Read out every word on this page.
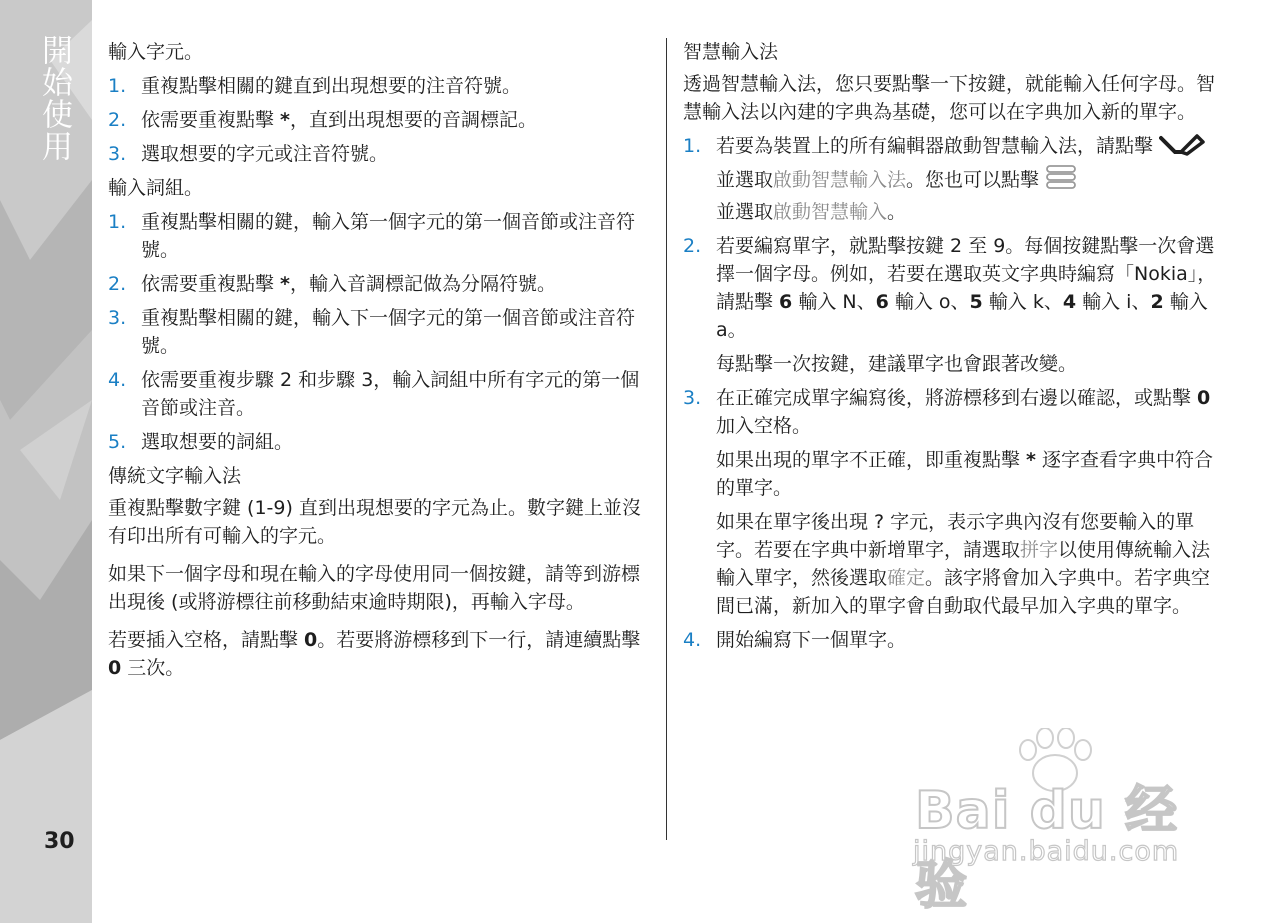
開始使用
30

輸入字元。

1. 重複點擊相關的鍵直到出現想要的注音符號。
2. 依需要重複點擊 *，直到出現想要的音調標記。
3. 選取想要的字元或注音符號。

輸入詞組。

1. 重複點擊相關的鍵，輸入第一個字元的第一個音節或注音符號。
2. 依需要重複點擊 *，輸入音調標記做為分隔符號。
3. 重複點擊相關的鍵，輸入下一個字元的第一個音節或注音符號。
4. 依需要重複步驟 2 和步驟 3，輸入詞組中所有字元的第一個音節或注音。
5. 選取想要的詞組。

傳統文字輸入法

重複點擊數字鍵 (1-9) 直到出現想要的字元為止。數字鍵上並沒有印出所有可輸入的字元。

如果下一個字母和現在輸入的字母使用同一個按鍵，請等到游標出現後 (或將游標往前移動結束逾時期限)，再輸入字母。

若要插入空格，請點擊 0。若要將游標移到下一行，請連續點擊 0 三次。

智慧輸入法

透過智慧輸入法，您只要點擊一下按鍵，就能輸入任何字母。智慧輸入法以內建的字典為基礎，您可以在字典加入新的單字。

1. 若要為裝置上的所有編輯器啟動智慧輸入法，請點擊  並選取啟動智慧輸入法。您也可以點擊
並選取啟動智慧輸入。
2. 若要編寫單字，就點擊按鍵 2 至 9。每個按鍵點擊一次會選擇一個字母。例如，若要在選取英文字典時編寫「Nokia」，請點擊 6 輸入 N、6 輸入 o、5 輸入 k、4 輸入 i、2 輸入 a。

每點擊一次按鍵，建議單字也會跟著改變。

3. 在正確完成單字編寫後，將游標移到右邊以確認，或點擊 0 加入空格。

如果出現的單字不正確，即重複點擊 * 逐字查看字典中符合的單字。

如果在單字後出現 ? 字元，表示字典內沒有您要輸入的單字。若要在字典中新增單字，請選取拼字以使用傳統輸入法輸入單字，然後選取確定。該字將會加入字典中。若字典空間已滿，新加入的單字會自動取代最早加入字典的單字。

4. 開始編寫下一個單字。
Bai du 经验
jingyan.baidu.com
